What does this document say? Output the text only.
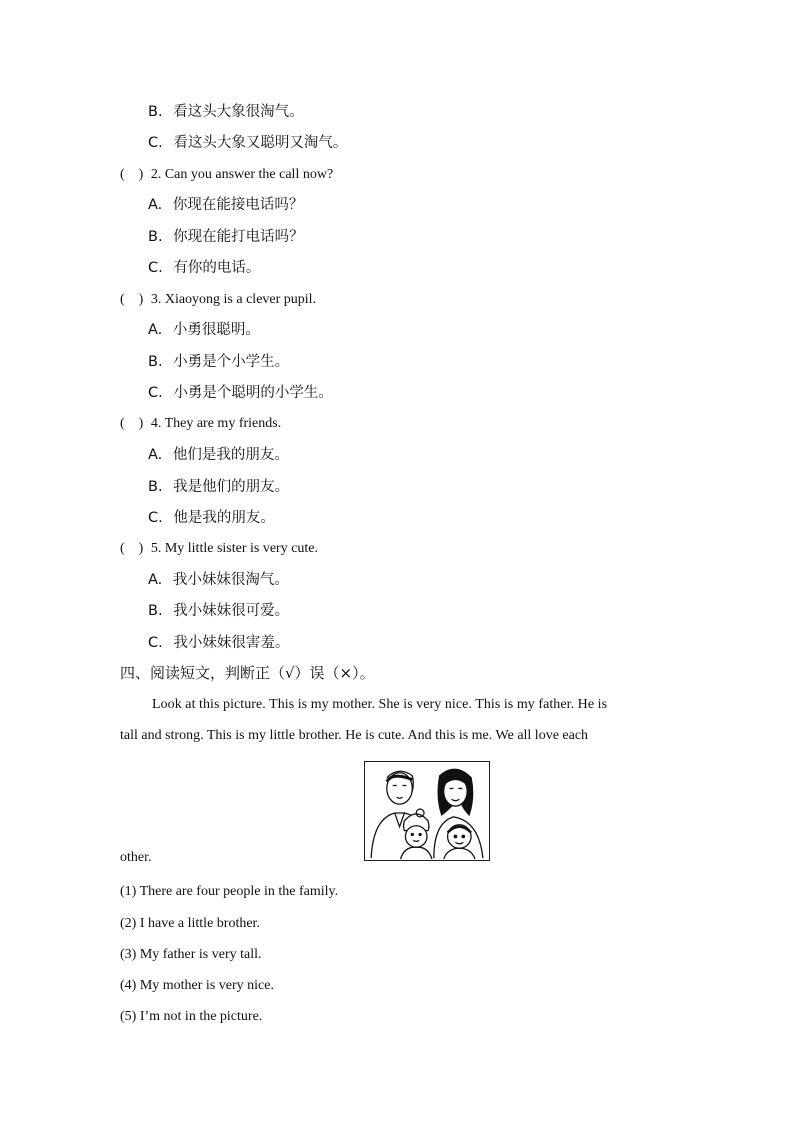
B. 看这头大象很淘气。
C. 看这头大象又聪明又淘气。
(    ) 2. Can you answer the call now?
A. 你现在能接电话吗？
B. 你现在能打电话吗？
C. 有你的电话。
(    ) 3. Xiaoyong is a clever pupil.
A. 小勇很聪明。
B. 小勇是个小学生。
C. 小勇是个聪明的小学生。
(    ) 4. They are my friends.
A. 他们是我的朋友。
B. 我是他们的朋友。
C. 他是我的朋友。
(    ) 5. My little sister is very cute.
A. 我小妹妹很淘气。
B. 我小妹妹很可爱。
C. 我小妹妹很害羞。
四、阅读短文，判断正（√）误（×）。
Look at this picture. This is my mother. She is very nice. This is my father. He is
tall and strong. This is my little brother. He is cute. And this is me. We all love each
other.
(1) There are four people in the family.
(2) I have a little brother.
(3) My father is very tall.
(4) My mother is very nice.
(5) I’m not in the picture.
